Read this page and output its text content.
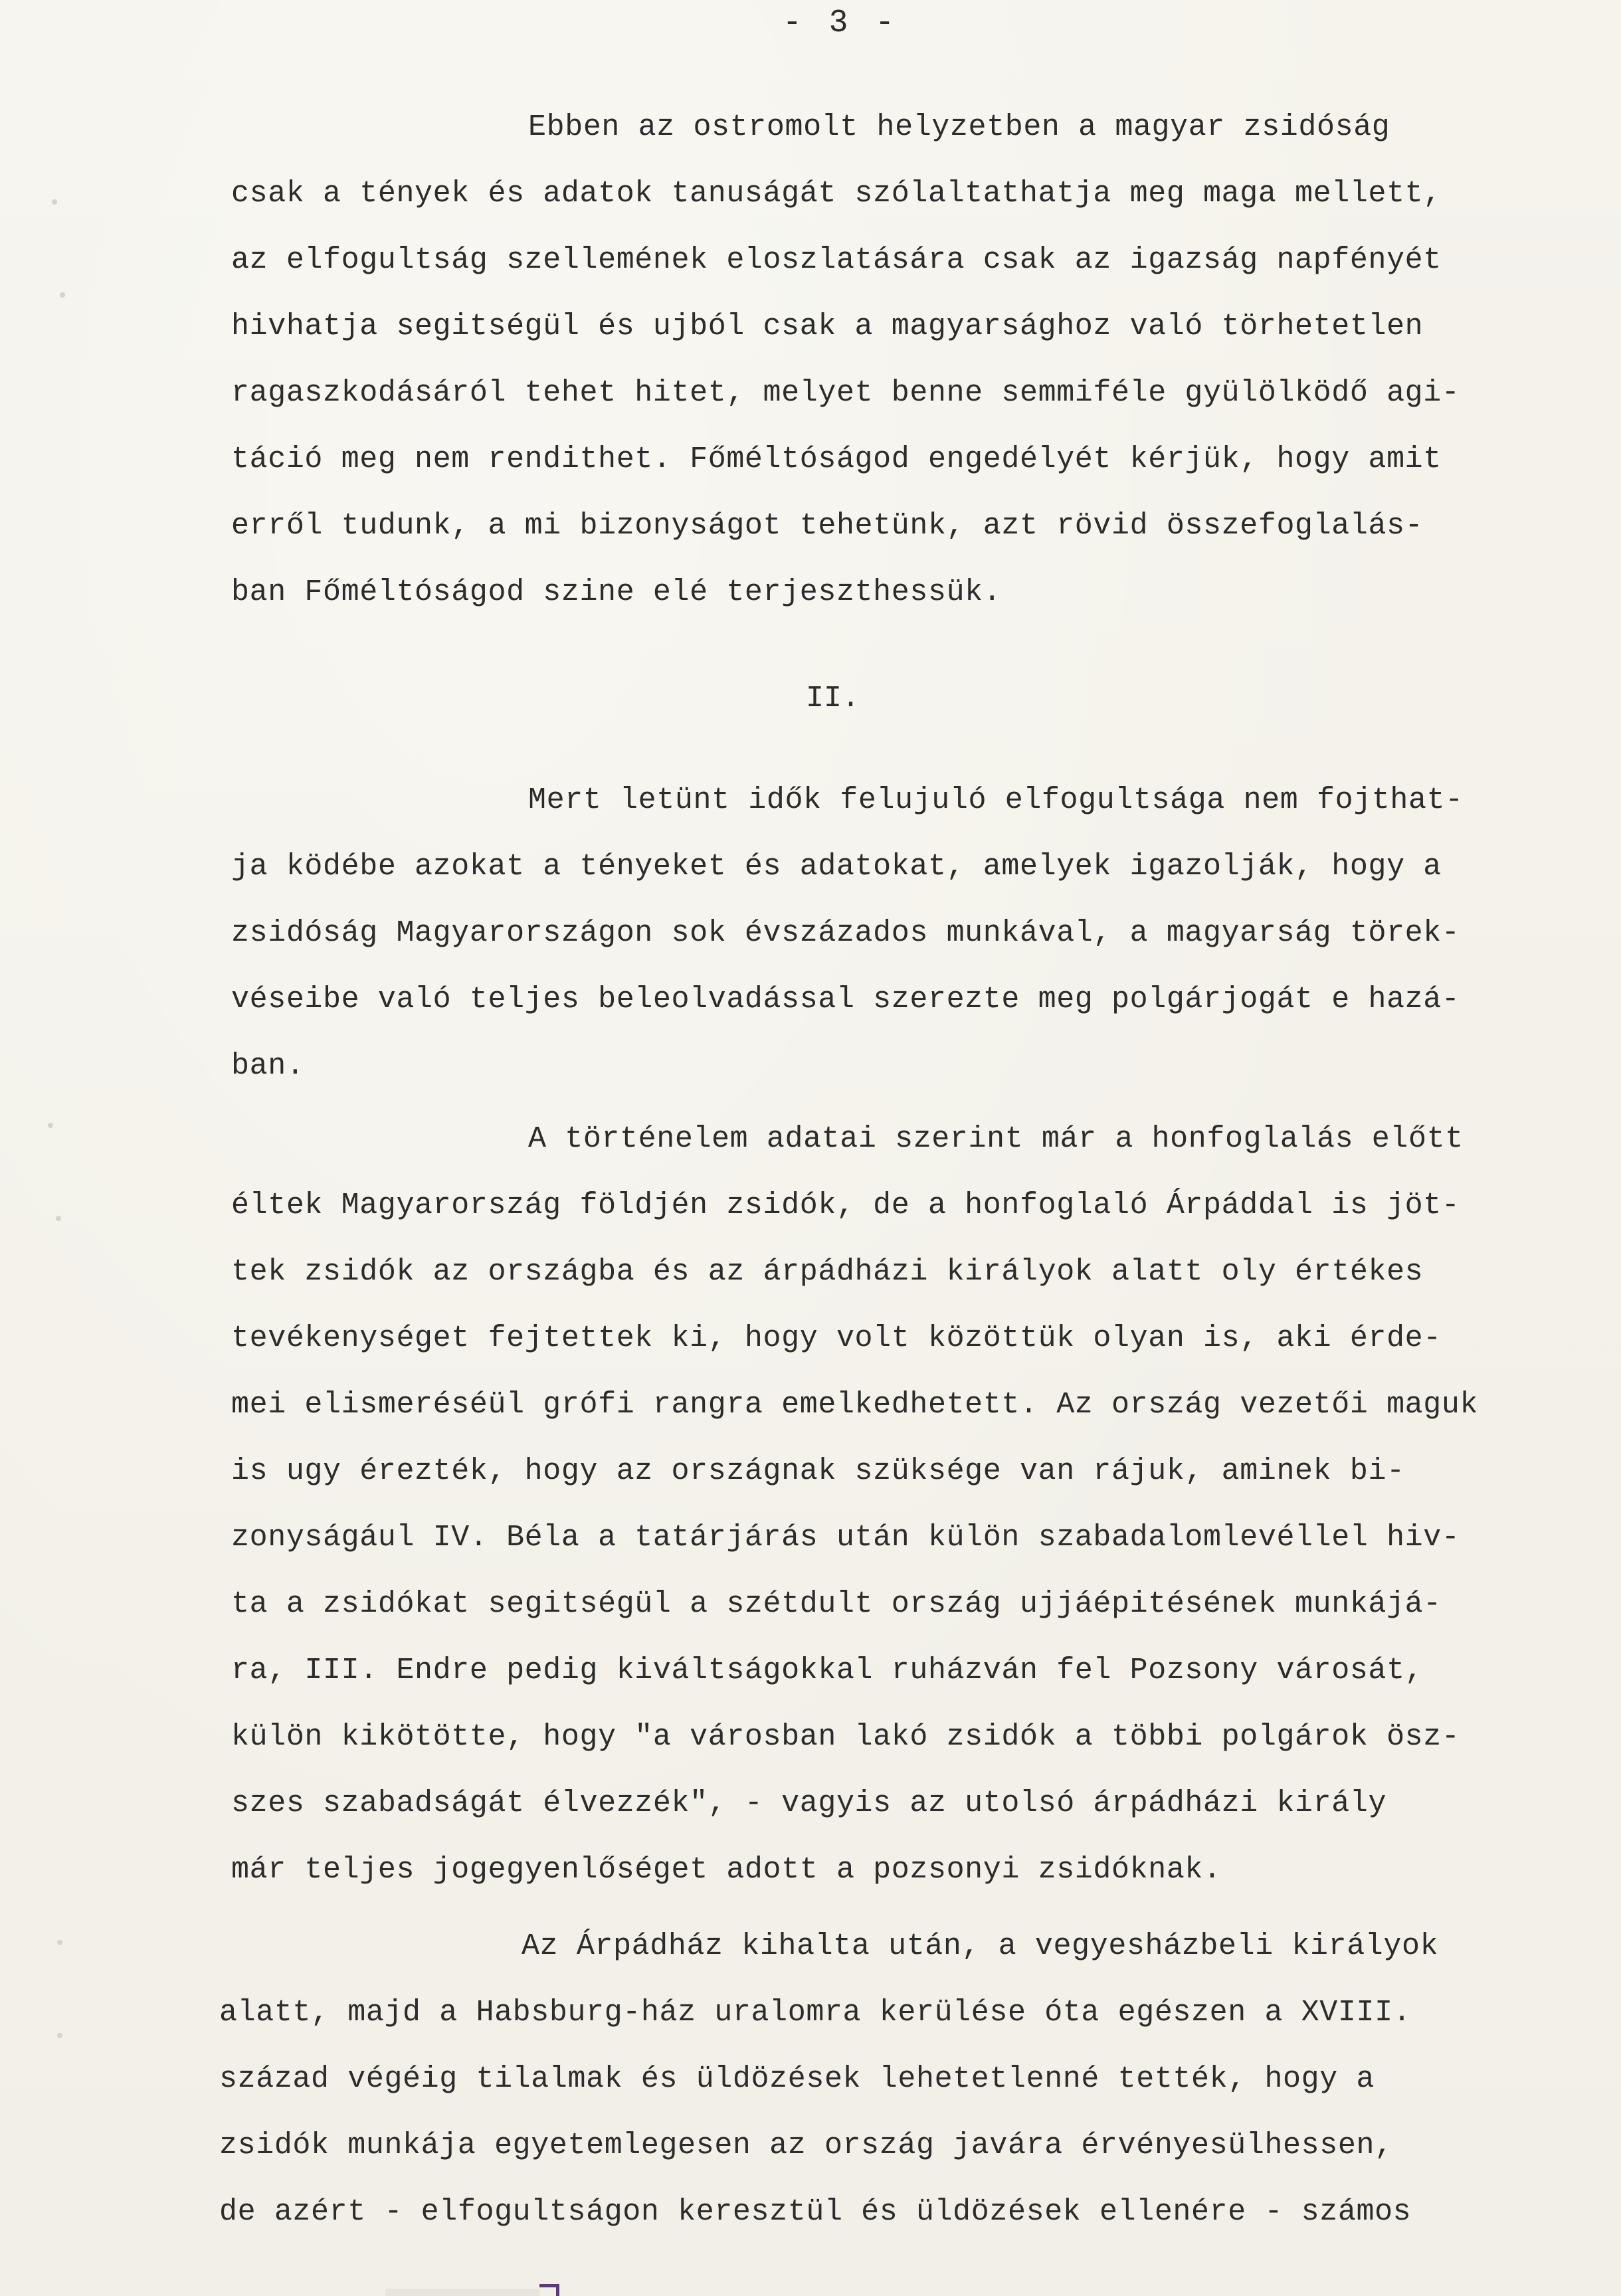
- 3 -
Ebben az ostromolt helyzetben a magyar zsidóság
csak a tények és adatok tanuságát szólaltathatja meg maga mellett,
az elfogultság szellemének eloszlatására csak az igazság napfényét
hivhatja segitségül és ujból csak a magyarsághoz való törhetetlen
ragaszkodásáról tehet hitet, melyet benne semmiféle gyülölködő agi-
táció meg nem rendithet. Főméltóságod engedélyét kérjük, hogy amit
erről tudunk, a mi bizonyságot tehetünk, azt rövid összefoglalás-
ban Főméltóságod szine elé terjeszthessük.
II.
Mert letünt idők felujuló elfogultsága nem fojthat-
ja ködébe azokat a tényeket és adatokat, amelyek igazolják, hogy a
zsidóság Magyarországon sok évszázados munkával, a magyarság törek-
véseibe való teljes beleolvadással szerezte meg polgárjogát e hazá-
ban.
A történelem adatai szerint már a honfoglalás előtt
éltek Magyarország földjén zsidók, de a honfoglaló Árpáddal is jöt-
tek zsidók az országba és az árpádházi királyok alatt oly értékes
tevékenységet fejtettek ki, hogy volt közöttük olyan is, aki érde-
mei elismeréséül grófi rangra emelkedhetett. Az ország vezetői maguk
is ugy érezték, hogy az országnak szüksége van rájuk, aminek bi-
zonyságául IV. Béla a tatárjárás után külön szabadalomlevéllel hiv-
ta a zsidókat segitségül a szétdult ország ujjáépitésének munkájá-
ra, III. Endre pedig kiváltságokkal ruházván fel Pozsony városát,
külön kikötötte, hogy "a városban lakó zsidók a többi polgárok ösz-
szes szabadságát élvezzék", - vagyis az utolsó árpádházi király
már teljes jogegyenlőséget adott a pozsonyi zsidóknak.
Az Árpádház kihalta után, a vegyesházbeli királyok
alatt, majd a Habsburg-ház uralomra kerülése óta egészen a XVIII.
század végéig tilalmak és üldözések lehetetlenné tették, hogy a
zsidók munkája egyetemlegesen az ország javára érvényesülhessen,
de azért - elfogultságon keresztül és üldözések ellenére - számos
